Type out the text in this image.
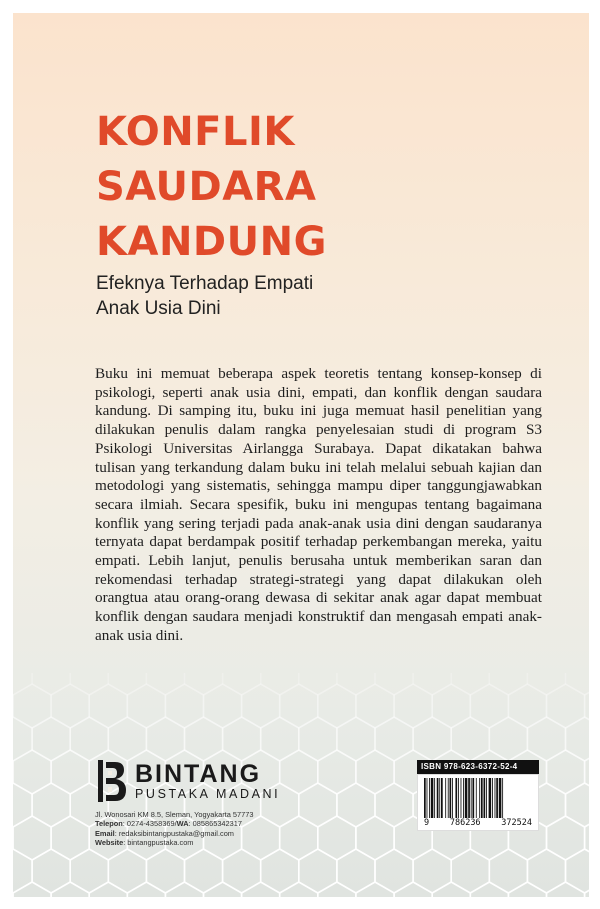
KONFLIK
SAUDARA
KANDUNG
Efeknya Terhadap Empati
Anak Usia Dini

Buku ini memuat beberapa aspek teoretis tentang konsep-konsep di psikologi, seperti anak usia dini, empati, dan konflik dengan saudara kandung. Di samping itu, buku ini juga memuat hasil penelitian yang dilakukan penulis dalam rangka penyelesaian studi di program S3 Psikologi Universitas Airlangga Surabaya. Dapat dikatakan bahwa tulisan yang terkandung dalam buku ini telah melalui sebuah kajian dan metodologi yang sistematis, sehingga mampu diper tanggungjawabkan secara ilmiah. Secara spesifik, buku ini mengupas tentang bagaimana konflik yang sering terjadi pada anak-anak usia dini dengan saudaranya ternyata dapat berdampak positif terhadap perkembangan mereka, yaitu empati. Lebih lanjut, penulis berusaha untuk memberikan saran dan rekomendasi terhadap strategi-strategi yang dapat dilakukan oleh orangtua atau orang-orang dewasa di sekitar anak agar dapat membuat konflik dengan saudara menjadi konstruktif dan mengasah empati anak-anak usia dini.

BINTANG
PUSTAKA MADANI
Jl. Wonosari KM 8.5, Sleman, Yogyakarta 57773
Telepon: 0274-4358369/WA: 085865342317
Email: redaksibintangpustaka@gmail.com
Website: bintangpustaka.com
ISBN 978-623-6372-52-4
9 786236 372524
